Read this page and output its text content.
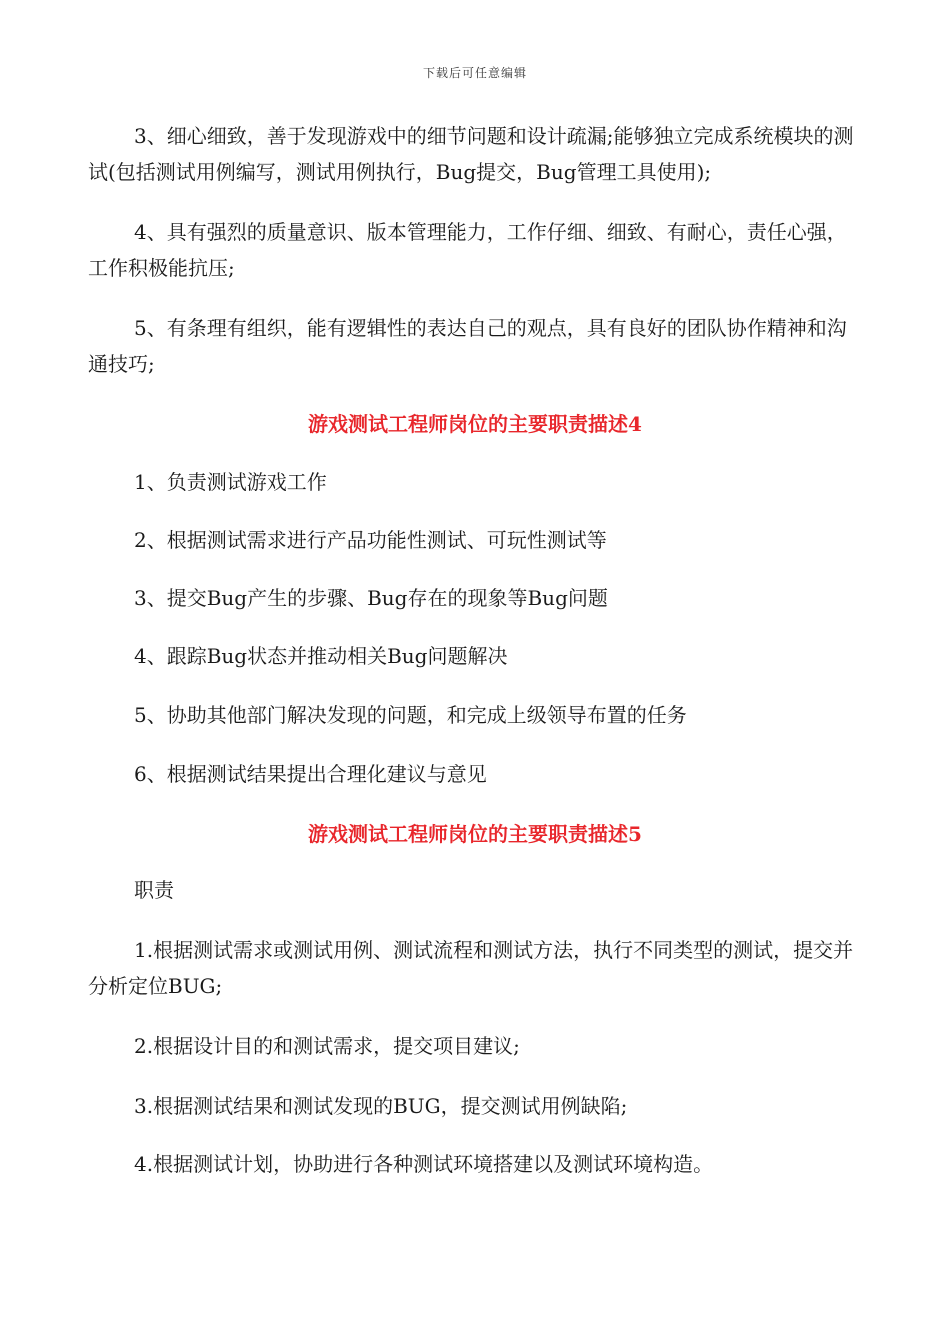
下载后可任意编辑

3、细心细致，善于发现游戏中的细节问题和设计疏漏;能够独立完成系统模块的测试(包括测试用例编写，测试用例执行，Bug提交，Bug管理工具使用);

4、具有强烈的质量意识、版本管理能力，工作仔细、细致、有耐心，责任心强，工作积极能抗压;

5、有条理有组织，能有逻辑性的表达自己的观点，具有良好的团队协作精神和沟通技巧;

游戏测试工程师岗位的主要职责描述4

1、负责测试游戏工作

2、根据测试需求进行产品功能性测试、可玩性测试等

3、提交Bug产生的步骤、Bug存在的现象等Bug问题

4、跟踪Bug状态并推动相关Bug问题解决

5、协助其他部门解决发现的问题，和完成上级领导布置的任务

6、根据测试结果提出合理化建议与意见

游戏测试工程师岗位的主要职责描述5

职责

1.根据测试需求或测试用例、测试流程和测试方法，执行不同类型的测试，提交并分析定位BUG;

2.根据设计目的和测试需求，提交项目建议;

3.根据测试结果和测试发现的BUG，提交测试用例缺陷;

4.根据测试计划，协助进行各种测试环境搭建以及测试环境构造。
